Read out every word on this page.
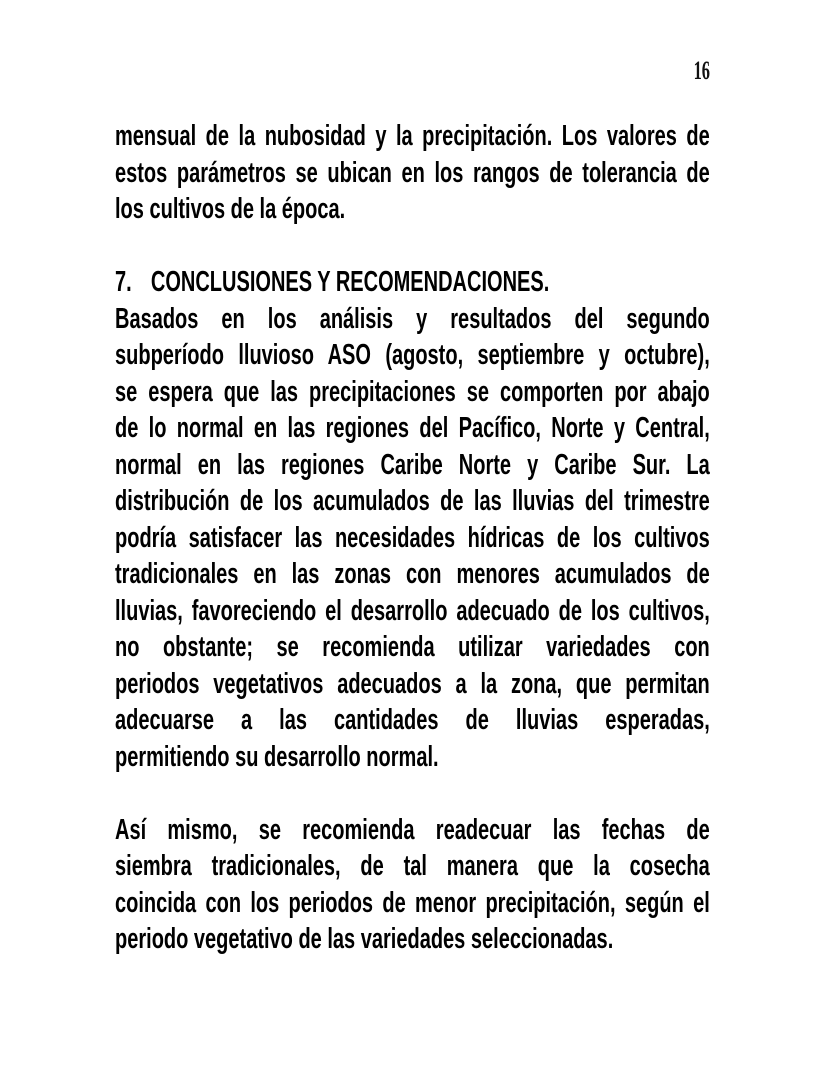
16
mensual de la nubosidad y la precipitación. Los valores de
estos parámetros se ubican en los rangos de tolerancia de
los cultivos de la época.
7. CONCLUSIONES Y RECOMENDACIONES.
Basados en los análisis y resultados del segundo
subperíodo lluvioso ASO (agosto, septiembre y octubre),
se espera que las precipitaciones se comporten por abajo
de lo normal en las regiones del Pacífico, Norte y Central,
normal en las regiones Caribe Norte y Caribe Sur. La
distribución de los acumulados de las lluvias del trimestre
podría satisfacer las necesidades hídricas de los cultivos
tradicionales en las zonas con menores acumulados de
lluvias, favoreciendo el desarrollo adecuado de los cultivos,
no obstante; se recomienda utilizar variedades con
periodos vegetativos adecuados a la zona, que permitan
adecuarse a las cantidades de lluvias esperadas,
permitiendo su desarrollo normal.
Así mismo, se recomienda readecuar las fechas de
siembra tradicionales, de tal manera que la cosecha
coincida con los periodos de menor precipitación, según el
periodo vegetativo de las variedades seleccionadas.
